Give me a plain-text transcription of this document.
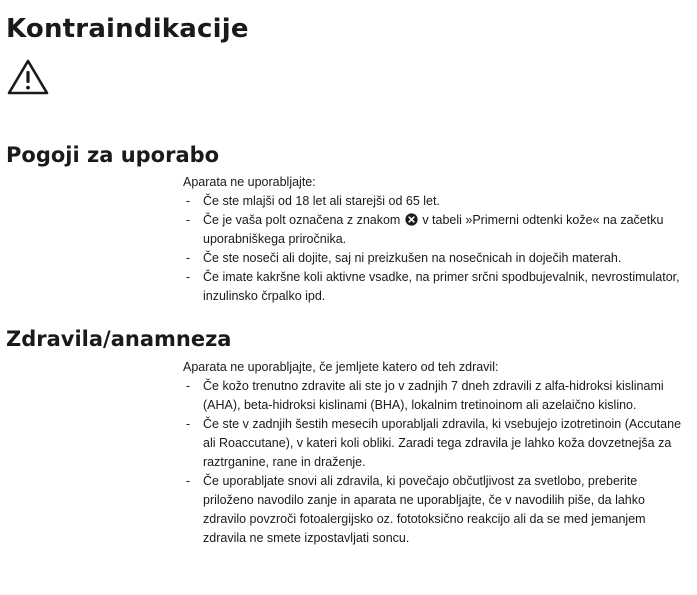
Kontraindikacije
Pogoji za uporabo

Aparata ne uporabljajte:

- Če ste mlajši od 18 let ali starejši od 65 let.
- Če je vaša polt označena z znakom v tabeli »Primerni odtenki kože« na začetku uporabniškega priročnika.
- Če ste noseči ali dojite, saj ni preizkušen na nosečnicah in doječih materah.
- Če imate kakršne koli aktivne vsadke, na primer srčni spodbujevalnik, nevrostimulator, inzulinsko črpalko ipd.
Zdravila/anamneza

Aparata ne uporabljajte, če jemljete katero od teh zdravil:

- Če kožo trenutno zdravite ali ste jo v zadnjih 7 dneh zdravili z alfa-hidroksi kislinami (AHA), beta-hidroksi kislinami (BHA), lokalnim tretinoinom ali azelaično kislino.
- Če ste v zadnjih šestih mesecih uporabljali zdravila, ki vsebujejo izotretinoin (Accutane ali Roaccutane), v kateri koli obliki. Zaradi tega zdravila je lahko koža dovzetnejša za raztrganine, rane in draženje.
- Če uporabljate snovi ali zdravila, ki povečajo občutljivost za svetlobo, preberite priloženo navodilo zanje in aparata ne uporabljajte, če v navodilih piše, da lahko zdravilo povzroči fotoalergijsko oz. fototoksično reakcijo ali da se med jemanjem zdravila ne smete izpostavljati soncu.
